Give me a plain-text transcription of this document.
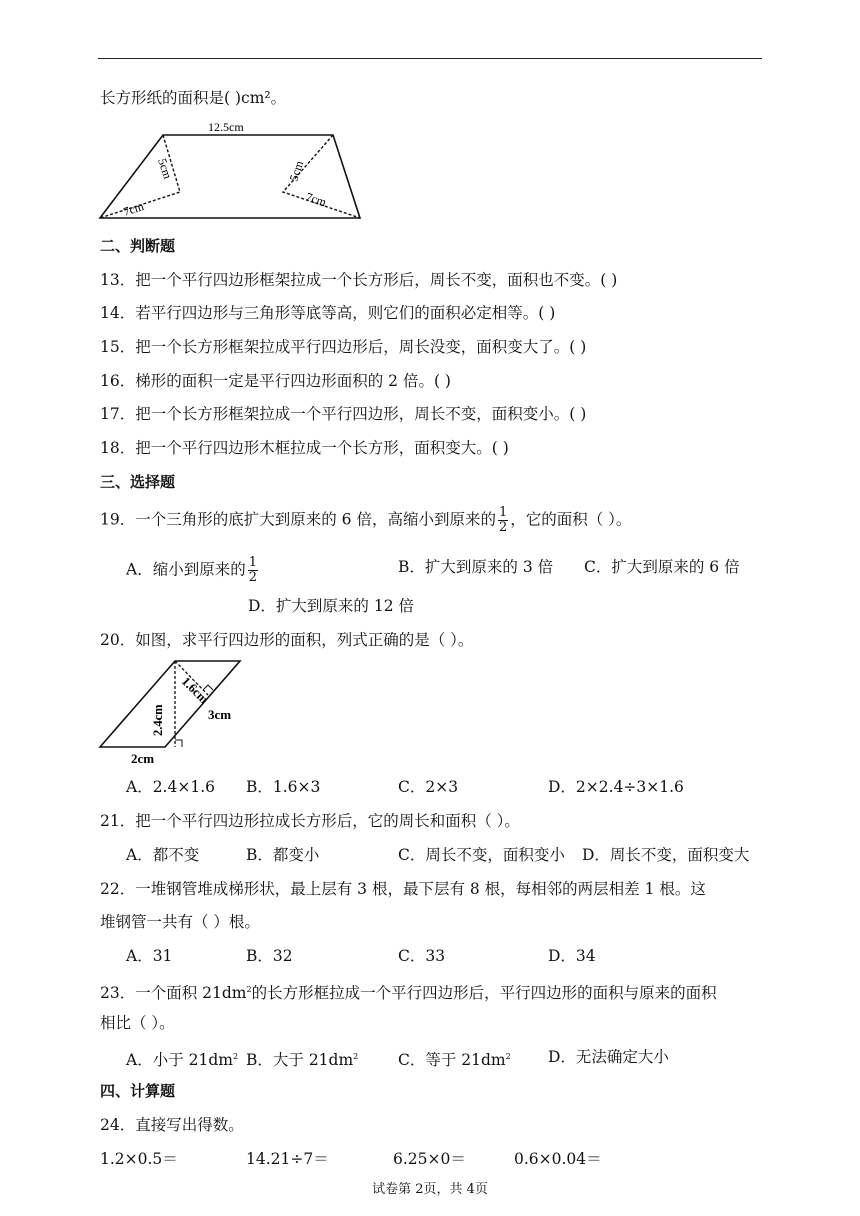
长方形纸的面积是( )cm²。
12.5cm
5cm
7cm
5cm
7cm
二、判断题
13．把一个平行四边形框架拉成一个长方形后，周长不变，面积也不变。( )
14．若平行四边形与三角形等底等高，则它们的面积必定相等。( )
15．把一个长方形框架拉成平行四边形后，周长没变，面积变大了。( )
16．梯形的面积一定是平行四边形面积的 2 倍。( )
17．把一个长方形框架拉成一个平行四边形，周长不变，面积变小。( )
18．把一个平行四边形木框拉成一个长方形，面积变大。( )
三、选择题
19．一个三角形的底扩大到原来的 6 倍，高缩小到原来的 $\frac{1}{2}$ ，它的面积（ ）。
A．缩小到原来的 $\frac{1}{2}$	B．扩大到原来的 3 倍 C．扩大到原来的 6 倍
D．扩大到原来的 12 倍
20．如图，求平行四边形的面积，列式正确的是（ ）。
1.6cm
2.4cm	3cm
2cm
A．2.4×1.6 B．1.6×3	C．2×3	D．2×2.4÷3×1.6
21．把一个平行四边形拉成长方形后，它的周长和面积（ ）。
A．都不变	B．都变小	C．周长不变，面积变小 D．周长不变，面积变大
22．一堆钢管堆成梯形状，最上层有 3 根，最下层有 8 根，每相邻的两层相差 1 根。这
堆钢管一共有（ ）根。
A．31	B．32	C．33	D．34
23．一个面积 $21dm^2$的长方形框拉成一个平行四边形后，平行四边形的面积与原来的面积
相比（ ）。
A．小于 $21dm^2$ B．大于 $21dm^2$	C．等于 $21dm^2$ D．无法确定大小
四、计算题
24．直接写出得数。
1.2×0.5＝	14.21÷7＝	6.25×0＝	0.6×0.04＝
试卷第 2页，共 4页
